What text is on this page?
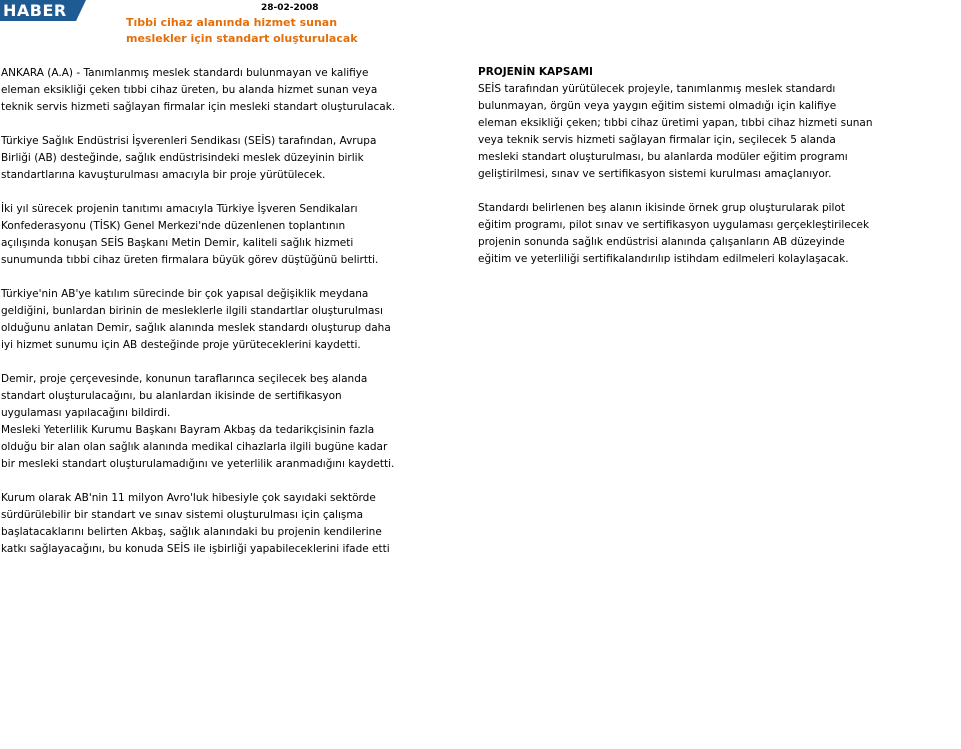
HABER	28-02-2008
Tıbbi cihaz alanında hizmet sunan
meslekler için standart oluşturulacak

ANKARA (A.A) - Tanımlanmış meslek standardı bulunmayan ve kalifiye

eleman eksikliği çeken tıbbi cihaz üreten, bu alanda hizmet sunan veya

teknik servis hizmeti sağlayan firmalar için mesleki standart oluşturulacak.

Türkiye Sağlık Endüstrisi İşverenleri Sendikası (SEİS) tarafından, Avrupa

Birliği (AB) desteğinde, sağlık endüstrisindeki meslek düzeyinin birlik

standartlarına kavuşturulması amacıyla bir proje yürütülecek.

İki yıl sürecek projenin tanıtımı amacıyla Türkiye İşveren Sendikaları

Konfederasyonu (TİSK) Genel Merkezi'nde düzenlenen toplantının

açılışında konuşan SEİS Başkanı Metin Demir, kaliteli sağlık hizmeti

sunumunda tıbbi cihaz üreten firmalara büyük görev düştüğünü belirtti.

Türkiye'nin AB'ye katılım sürecinde bir çok yapısal değişiklik meydana

geldiğini, bunlardan birinin de mesleklerle ilgili standartlar oluşturulması

olduğunu anlatan Demir, sağlık alanında meslek standardı oluşturup daha

iyi hizmet sunumu için AB desteğinde proje yürüteceklerini kaydetti.

Demir, proje çerçevesinde, konunun taraflarınca seçilecek beş alanda

standart oluşturulacağını, bu alanlardan ikisinde de sertifikasyon

uygulaması yapılacağını bildirdi.

Mesleki Yeterlilik Kurumu Başkanı Bayram Akbaş da tedarikçisinin fazla

olduğu bir alan olan sağlık alanında medikal cihazlarla ilgili bugüne kadar

bir mesleki standart oluşturulamadığını ve yeterlilik aranmadığını kaydetti.

Kurum olarak AB'nin 11 milyon Avro'luk hibesiyle çok sayıdaki sektörde

sürdürülebilir bir standart ve sınav sistemi oluşturulması için çalışma

başlatacaklarını belirten Akbaş, sağlık alanındaki bu projenin kendilerine

katkı sağlayacağını, bu konuda SEİS ile işbirliği yapabileceklerini ifade etti

PROJENİN KAPSAMI

SEİS tarafından yürütülecek projeyle, tanımlanmış meslek standardı

bulunmayan, örgün veya yaygın eğitim sistemi olmadığı için kalifiye

eleman eksikliği çeken; tıbbi cihaz üretimi yapan, tıbbi cihaz hizmeti sunan

veya teknik servis hizmeti sağlayan firmalar için, seçilecek 5 alanda

mesleki standart oluşturulması, bu alanlarda modüler eğitim programı

geliştirilmesi, sınav ve sertifikasyon sistemi kurulması amaçlanıyor.

Standardı belirlenen beş alanın ikisinde örnek grup oluşturularak pilot

eğitim programı, pilot sınav ve sertifikasyon uygulaması gerçekleştirilecek

projenin sonunda sağlık endüstrisi alanında çalışanların AB düzeyinde

eğitim ve yeterliliği sertifikalandırılıp istihdam edilmeleri kolaylaşacak.
